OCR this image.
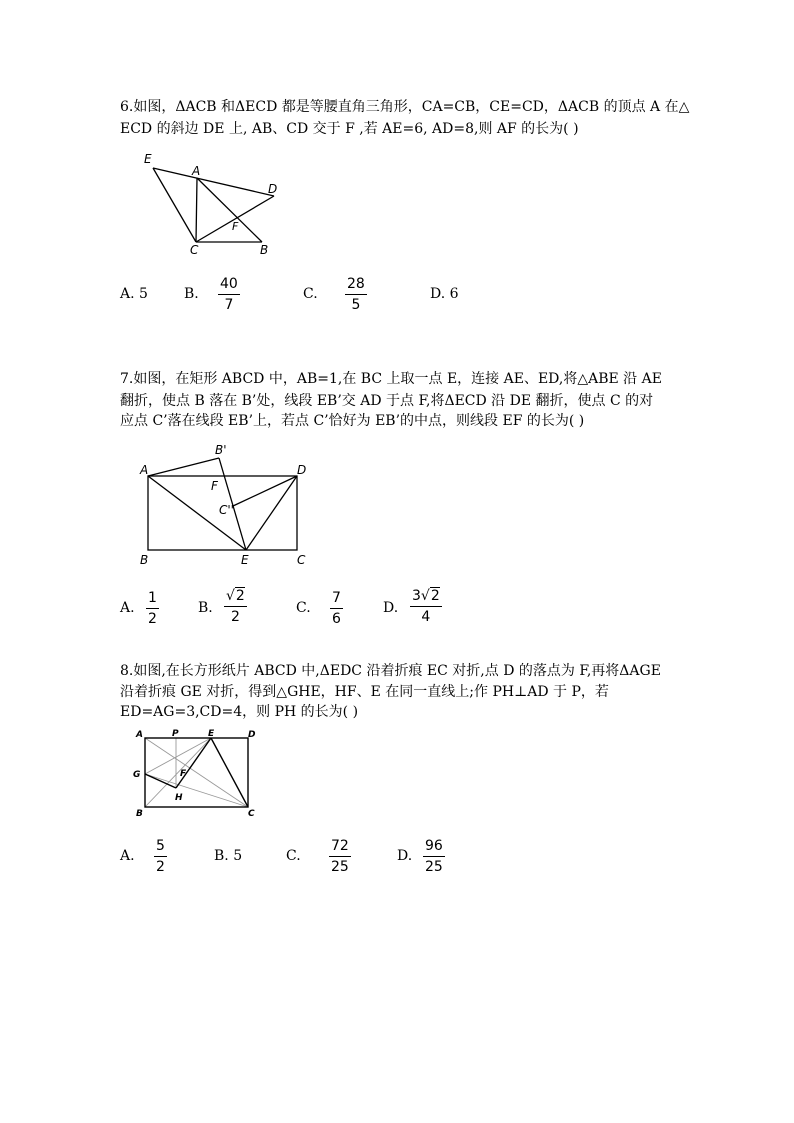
6.如图，ΔACB 和ΔECD 都是等腰直角三角形，CA=CB，CE=CD，ΔACB 的顶点 A 在△
ECD 的斜边 DE 上, AB、CD 交于 F ,若 AE=6, AD=8,则 AF 的长为( )
E
A
D
F
C	B
A. 5	B.
40
7
C.
28
5
D. 6
7.如图，在矩形 ABCD 中，AB=1,在 BC 上取一点 E，连接 AE、ED,将△ABE 沿 AE
翻折，使点 B 落在 B’处，线段 EB’交 AD 于点 F,将ΔECD 沿 DE 翻折，使点 C 的对
应点 C’落在线段 EB’上，若点 C’恰好为 EB’的中点，则线段 EF 的长为( )
A
B'
D
F
C''
B	E	C
A.
1
2
B.
√2
2
C.
7
6
D.
3√2
4
8.如图,在长方形纸片 ABCD 中,ΔEDC 沿着折痕 EC 对折,点 D 的落点为 F,再将ΔAGE
沿着折痕 GE 对折，得到△GHE，HF、E 在同一直线上;作 PH⊥AD 于 P，若
ED=AG=3,CD=4，则 PH 的长为( )
A	P	E	D
G	F
H
B	C
A.
5
2
B. 5	C.
72
25
D.
96
25
